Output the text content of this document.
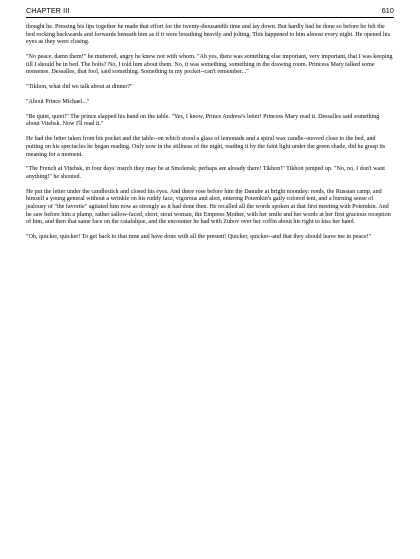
CHAPTER III	610

thought he. Pressing his lips together he made that effort for the twenty-thousandth time and lay down. But hardly had he done so before he felt the bed rocking backwards and forwards beneath him as if it were breathing heavily and jolting. This happened to him almost every night. He opened his eyes as they were closing.

"No peace, damn them!" he muttered, angry he knew not with whom. "Ah yes, there was something else important, very important, that I was keeping till I should be in bed. The bolts? No, I told him about them. No, it was something, something in the drawing room. Princess Mary talked some nonsense. Dessalles, that fool, said something. Something in my pocket--can't remember..."

"Tikhon, what did we talk about at dinner?"

"About Prince Michael..."

"Be quiet, quiet!" The prince slapped his hand on the table. "Yes, I know, Prince Andrew's letter! Princess Mary read it. Dessalles said something about Vitebsk. Now I'll read it."

He had the letter taken from his pocket and the table--on which stood a glass of lemonade and a spiral wax candle--moved close to the bed, and putting on his spectacles he began reading. Only now in the stillness of the night, reading it by the faint light under the green shade, did he grasp its meaning for a moment.

"The French at Vitebsk, in four days' march they may be at Smolensk; perhaps are already there! Tikhon!" Tikhon jumped up. "No, no, I don't want anything!" he shouted.

He put the letter under the candlestick and closed his eyes. And there rose before him the Danube at bright noonday: reeds, the Russian camp, and himself a young general without a wrinkle on his ruddy face, vigorous and alert, entering Potemkin's gaily colored tent, and a burning sense of jealousy of "the favorite" agitated him now as strongly as it had done then. He recalled all the words spoken at that first meeting with Potemkin. And he saw before him a plump, rather sallow-faced, short, stout woman, the Empress Mother, with her smile and her words at her first gracious reception of him, and then that same face on the catafalque, and the encounter he had with Zubov over her coffin about his right to kiss her hand.

"Oh, quicker, quicker! To get back to that time and have done with all the present! Quicker, quicker--and that they should leave me in peace!"
